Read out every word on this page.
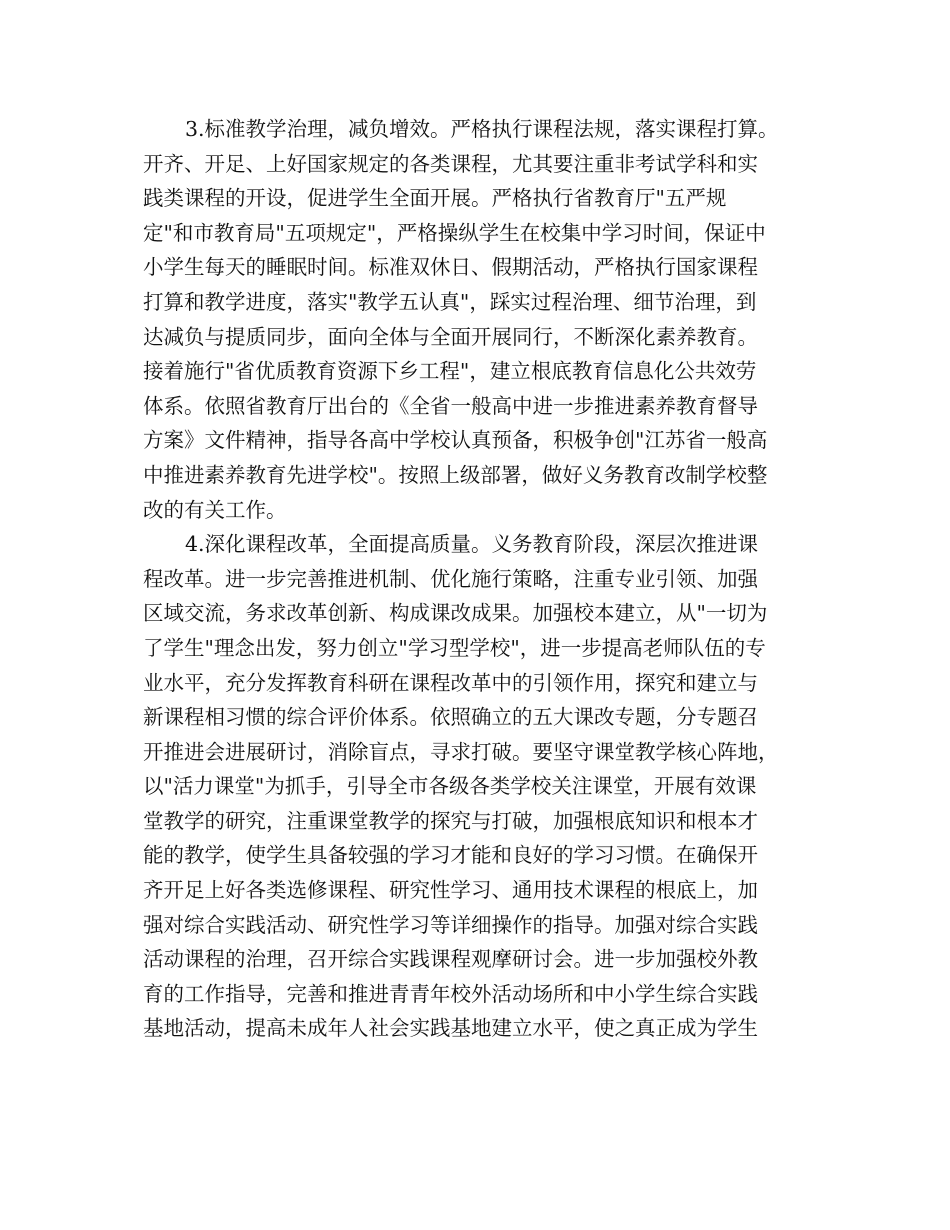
3.标准教学治理，减负增效。严格执行课程法规，落实课程打算。
开齐、开足、上好国家规定的各类课程，尤其要注重非考试学科和实
践类课程的开设，促进学生全面开展。严格执行省教育厅"五严规
定"和市教育局"五项规定"，严格操纵学生在校集中学习时间，保证中
小学生每天的睡眠时间。标准双休日、假期活动，严格执行国家课程
打算和教学进度，落实"教学五认真"，踩实过程治理、细节治理，到
达减负与提质同步，面向全体与全面开展同行，不断深化素养教育。
接着施行"省优质教育资源下乡工程"，建立根底教育信息化公共效劳
体系。依照省教育厅出台的《全省一般高中进一步推进素养教育督导
方案》文件精神，指导各高中学校认真预备，积极争创"江苏省一般高
中推进素养教育先进学校"。按照上级部署，做好义务教育改制学校整
改的有关工作。
4.深化课程改革，全面提高质量。义务教育阶段，深层次推进课
程改革。进一步完善推进机制、优化施行策略，注重专业引领、加强
区域交流，务求改革创新、构成课改成果。加强校本建立，从"一切为
了学生"理念出发，努力创立"学习型学校"，进一步提高老师队伍的专
业水平，充分发挥教育科研在课程改革中的引领作用，探究和建立与
新课程相习惯的综合评价体系。依照确立的五大课改专题，分专题召
开推进会进展研讨，消除盲点，寻求打破。要坚守课堂教学核心阵地，
以"活力课堂"为抓手，引导全市各级各类学校关注课堂，开展有效课
堂教学的研究，注重课堂教学的探究与打破，加强根底知识和根本才
能的教学，使学生具备较强的学习才能和良好的学习习惯。在确保开
齐开足上好各类选修课程、研究性学习、通用技术课程的根底上，加
强对综合实践活动、研究性学习等详细操作的指导。加强对综合实践
活动课程的治理，召开综合实践课程观摩研讨会。进一步加强校外教
育的工作指导，完善和推进青青年校外活动场所和中小学生综合实践
基地活动，提高未成年人社会实践基地建立水平，使之真正成为学生
